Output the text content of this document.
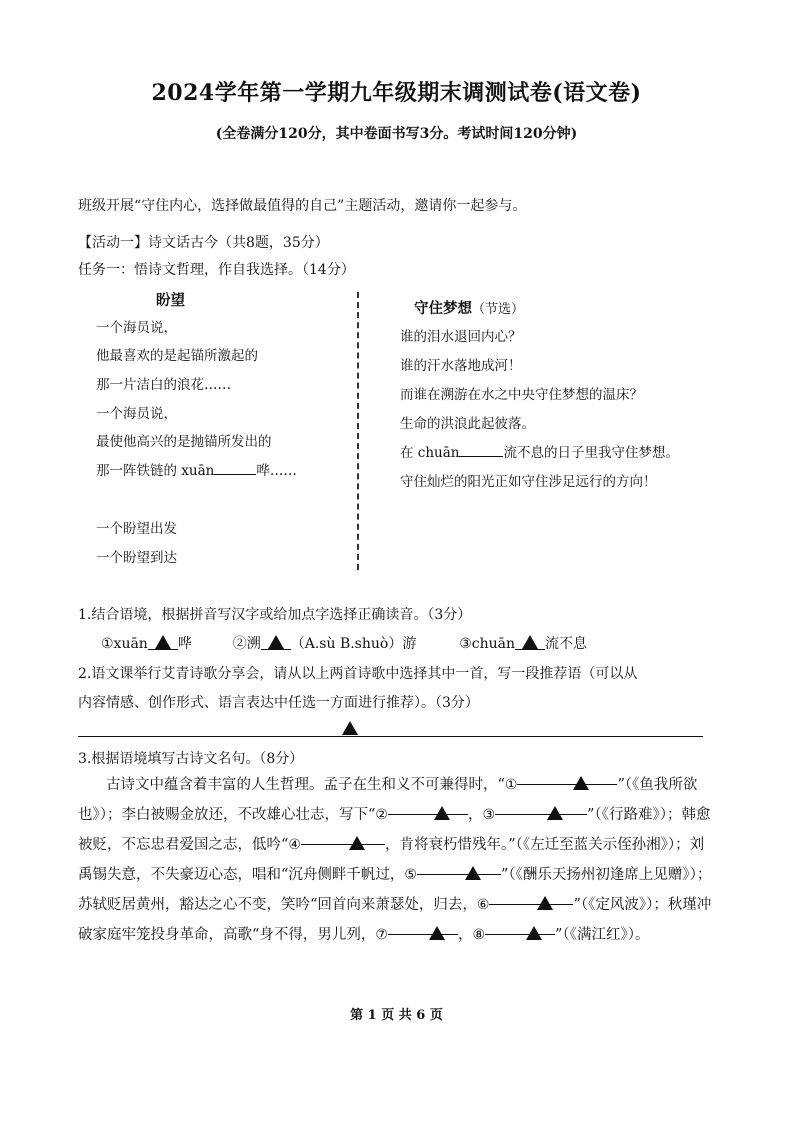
2024学年第一学期九年级期末调测试卷(语文卷)
(全卷满分120分，其中卷面书写3分。考试时间120分钟)
班级开展“守住内心，选择做最值得的自己”主题活动，邀请你一起参与。
【活动一】诗文话古今（共8题，35分）
任务一：悟诗文哲理，作自我选择。（14分）
盼望
一个海员说，
他最喜欢的是起锚所激起的
那一片洁白的浪花……
一个海员说，
最使他高兴的是抛锚所发出的
那一阵铁链的 xuān	哗……
一个盼望出发
一个盼望到达
守住梦想（节选）
谁的泪水退回内心？
谁的汗水落地成河！
而谁在溯游在水之中央守住梦想的温床？
生命的洪浪此起彼落。
在 chuān	流不息的日子里我守住梦想。
守住灿烂的阳光正如守住涉足远行的方向！
1.结合语境，根据拼音写汉字或给加点字选择正确读音。（3分）
①xuān 哗	②溯 （A.sù B.shuò）游	③chuān 流不息
2.语文课举行艾青诗歌分享会，请从以上两首诗歌中选择其中一首，写一段推荐语（可以从
内容情感、创作形式、语言表达中任选一方面进行推荐）。（3分）
3.根据语境填写古诗文名句。（8分）
古诗文中蕴含着丰富的人生哲理。孟子在生和义不可兼得时，“①	”（《鱼我所欲也》）；李白被赐金放还，不改雄心壮志，写下“②	，③	”（《行路难》）；韩愈被贬，不忘忠君爱国之志，低吟“④	，肯将衰朽惜残年。”（《左迁至蓝关示侄孙湘》）；刘禹锡失意，不失豪迈心态，唱和“沉舟侧畔千帆过，⑤	”（《酬乐天扬州初逢席上见赠》）；苏轼贬居黄州，豁达之心不变，笑吟“回首向来萧瑟处，归去，⑥	”（《定风波》）；秋瑾冲破家庭牢笼投身革命，高歌“身不得，男儿列，⑦	，⑧	”（《满江红》）。
第 1 页 共 6 页
